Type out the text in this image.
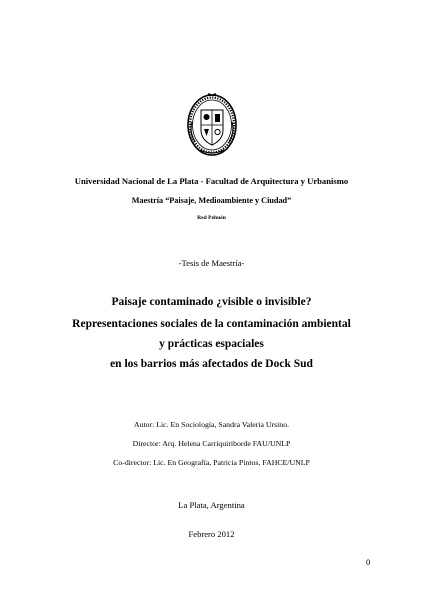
Universidad Nacional de La Plata - Facultad de Arquitectura y Urbanismo
Maestría “Paisaje, Medioambiente y Ciudad”
Red Pehuén
-Tesis de Maestría-
Paisaje contaminado ¿visible o invisible?
Representaciones sociales de la contaminación ambiental
y prácticas espaciales
en los barrios más afectados de Dock Sud
Autor: Lic. En Sociología, Sandra Valeria Ursino.
Director: Arq. Helena Carriquiriborde FAU/UNLP
Co-director: Lic. En Geografía, Patricia Pintos, FAHCE/UNLP
La Plata, Argentina
Febrero 2012
0
